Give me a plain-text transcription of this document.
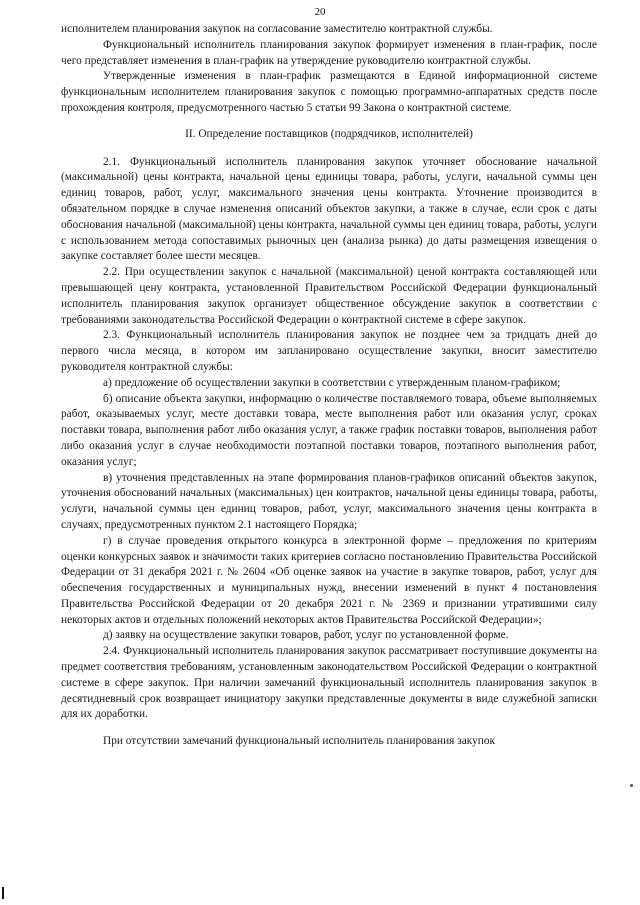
20

исполнителем планирования закупок на согласование заместителю контрактной службы.

Функциональный исполнитель планирования закупок формирует изменения в план-график, после чего представляет изменения в план-график на утверждение руководителю контрактной службы.

Утвержденные изменения в план-график размещаются в Единой информационной системе функциональным исполнителем планирования закупок с помощью программно-аппаратных средств после прохождения контроля, предусмотренного частью 5 статьи 99 Закона о контрактной системе.

II. Определение поставщиков (подрядчиков, исполнителей)

2.1. Функциональный исполнитель планирования закупок уточняет обоснование начальной (максимальной) цены контракта, начальной цены единицы товара, работы, услуги, начальной суммы цен единиц товаров, работ, услуг, максимального значения цены контракта. Уточнение производится в обязательном порядке в случае изменения описаний объектов закупки, а также в случае, если срок с даты обоснования начальной (максимальной) цены контракта, начальной суммы цен единиц товара, работы, услуги с использованием метода сопоставимых рыночных цен (анализа рынка) до даты размещения извещения о закупке составляет более шести месяцев.

2.2. При осуществлении закупок с начальной (максимальной) ценой контракта составляющей или превышающей цену контракта, установленной Правительством Российской Федерации функциональный исполнитель планирования закупок организует общественное обсуждение закупок в соответствии с требованиями законодательства Российской Федерации о контрактной системе в сфере закупок.

2.3. Функциональный исполнитель планирования закупок не позднее чем за тридцать дней до первого числа месяца, в котором им запланировано осуществление закупки, вносит заместителю руководителя контрактной службы:

а) предложение об осуществлении закупки в соответствии с утвержденным планом-графиком;

б) описание объекта закупки, информацию о количестве поставляемого товара, объеме выполняемых работ, оказываемых услуг, месте доставки товара, месте выполнения работ или оказания услуг, сроках поставки товара, выполнения работ либо оказания услуг, а также график поставки товаров, выполнения работ либо оказания услуг в случае необходимости поэтапной поставки товаров, поэтапного выполнения работ, оказания услуг;

в) уточнения представленных на этапе формирования планов-графиков описаний объектов закупок, уточнения обоснований начальных (максимальных) цен контрактов, начальной цены единицы товара, работы, услуги, начальной суммы цен единиц товаров, работ, услуг, максимального значения цены контракта в случаях, предусмотренных пунктом 2.1 настоящего Порядка;

г) в случае проведения открытого конкурса в электронной форме – предложения по критериям оценки конкурсных заявок и значимости таких критериев согласно постановлению Правительства Российской Федерации от 31 декабря 2021 г. № 2604 «Об оценке заявок на участие в закупке товаров, работ, услуг для обеспечения государственных и муниципальных нужд, внесении изменений в пункт 4 постановления Правительства Российской Федерации от 20 декабря 2021 г. № 2369 и признании утратившими силу некоторых актов и отдельных положений некоторых актов Правительства Российской Федерации»;

д) заявку на осуществление закупки товаров, работ, услуг по установленной форме.

2.4. Функциональный исполнитель планирования закупок рассматривает поступившие документы на предмет соответствия требованиям, установленным законодательством Российской Федерации о контрактной системе в сфере закупок. При наличии замечаний функциональный исполнитель планирования закупок в десятидневный срок возвращает инициатору закупки представленные документы в виде служебной записки для их доработки.

При отсутствии замечаний функциональный исполнитель планирования закупок
